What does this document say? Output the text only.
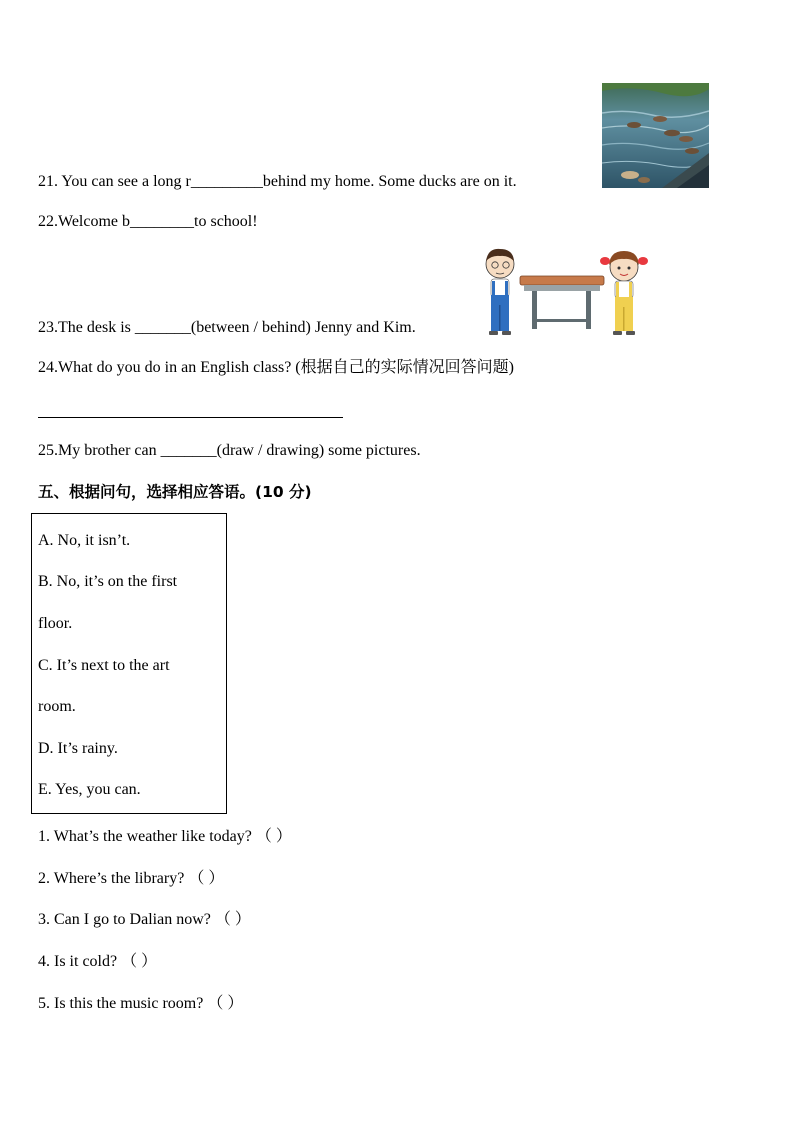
21. You can see a long r_________behind my home. Some ducks are on it.
22.Welcome b________to school!
23.The desk is _______(between / behind) Jenny and Kim.
24.What do you do in an English class? (根据自己的实际情况回答问题)
25.My brother can _______(draw / drawing) some pictures.
五、根据问句，选择相应答语。(10 分)
A. No, it isn’t.
B. No, it’s on the first
floor.
C. It’s next to the art
room.
D. It’s rainy.
E. Yes, you can.
1. What’s the weather like today? （ ）
2. Where’s the library? （ ）
3. Can I go to Dalian now? （ ）
4. Is it cold? （ ）
5. Is this the music room? （ ）
